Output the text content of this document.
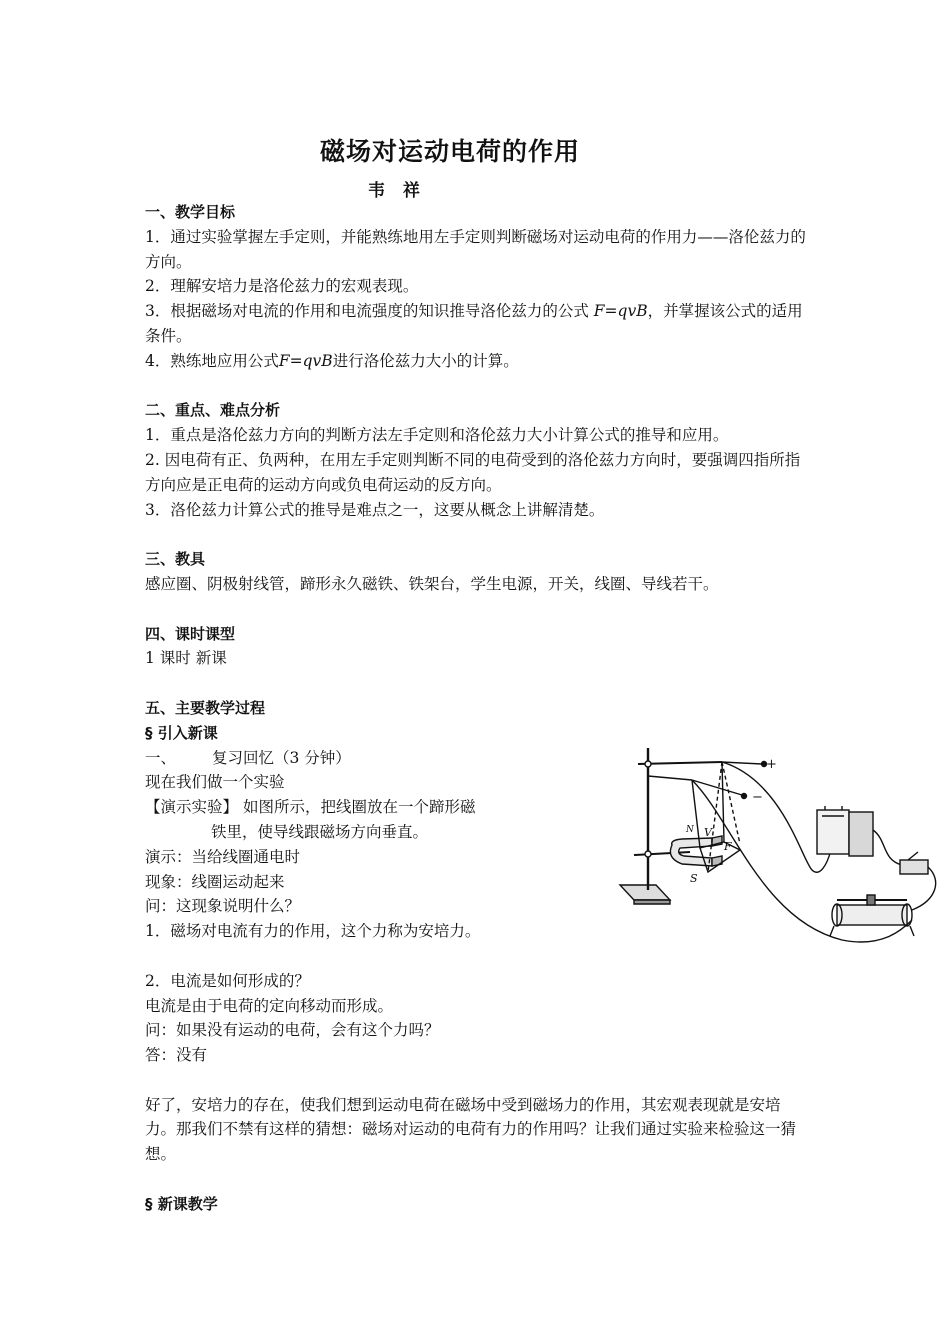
磁场对运动电荷的作用
韦 祥

一、教学目标

1．通过实验掌握左手定则，并能熟练地用左手定则判断磁场对运动电荷的作用力——洛伦兹力的方向。

2．理解安培力是洛伦兹力的宏观表现。

3．根据磁场对电流的作用和电流强度的知识推导洛伦兹力的公式 F=qvB，并掌握该公式的适用条件。

4．熟练地应用公式F=qvB进行洛伦兹力大小的计算。

二、重点、难点分析

1．重点是洛伦兹力方向的判断方法左手定则和洛伦兹力大小计算公式的推导和应用。

2. 因电荷有正、负两种，在用左手定则判断不同的电荷受到的洛伦兹力方向时，要强调四指所指方向应是正电荷的运动方向或负电荷运动的反方向。

3．洛伦兹力计算公式的推导是难点之一，这要从概念上讲解清楚。

三、教具

感应圈、阴极射线管，蹄形永久磁铁、铁架台，学生电源，开关，线圈、导线若干。

四、课时课型

1 课时 新课

五、主要教学过程

§ 引入新课

一、 复习回忆（3 分钟）

现在我们做一个实验

【演示实验】 如图所示，把线圈放在一个蹄形磁

铁里，使导线跟磁场方向垂直。

演示：当给线圈通电时

现象：线圈运动起来

问：这现象说明什么？

1．磁场对电流有力的作用，这个力称为安培力。

2．电流是如何形成的？

电流是由于电荷的定向移动而形成。

问：如果没有运动的电荷，会有这个力吗？

答：没有

好了，安培力的存在，使我们想到运动电荷在磁场中受到磁场力的作用，其宏观表现就是安培力。那我们不禁有这样的猜想：磁场对运动的电荷有力的作用吗？让我们通过实验来检验这一猜想。

§ 新课教学

+
−
V
F
S
N
